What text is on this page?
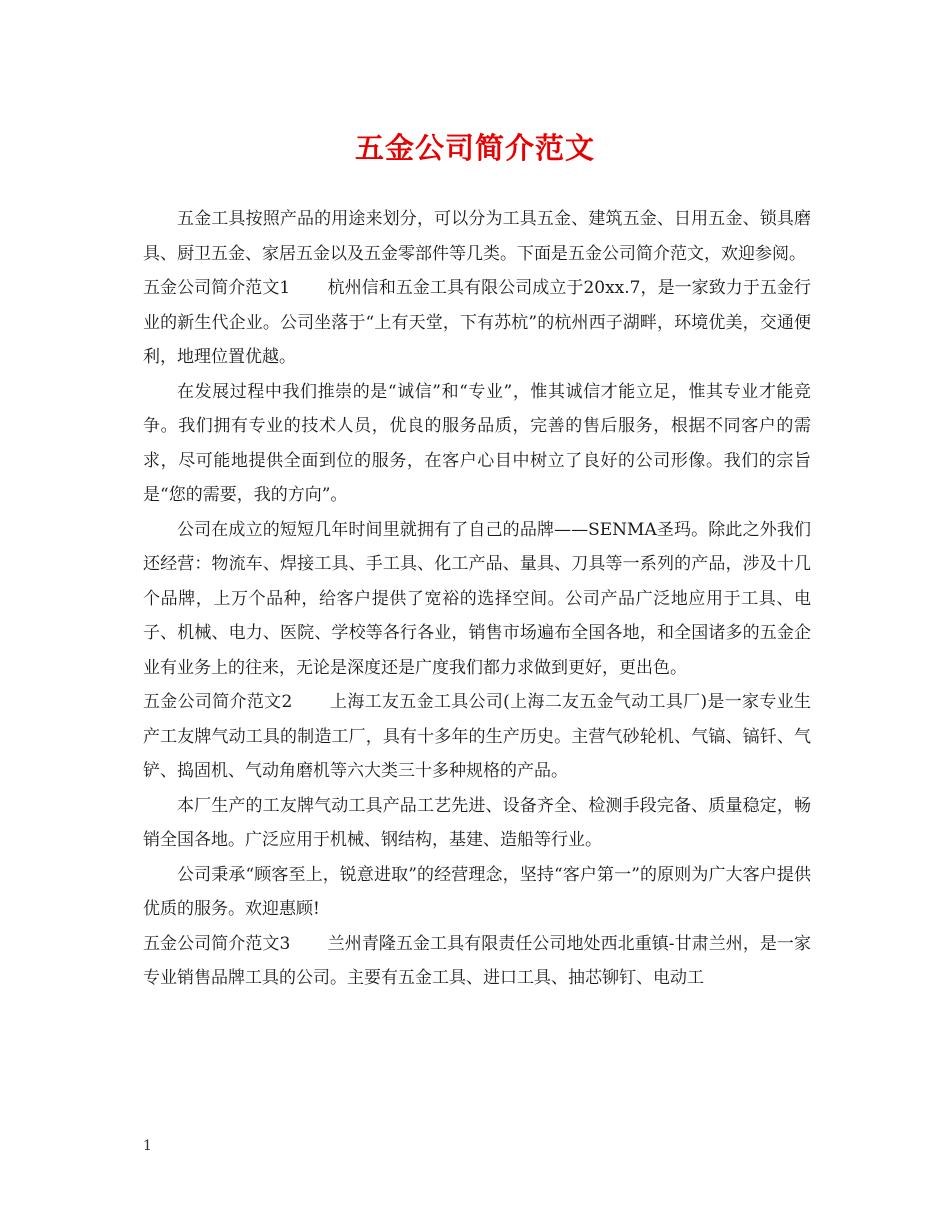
五金公司简介范文

五金工具按照产品的用途来划分，可以分为工具五金、建筑五金、日用五金、锁具磨具、厨卫五金、家居五金以及五金零部件等几类。下面是五金公司简介范文，欢迎参阅。

五金公司简介范文1 杭州信和五金工具有限公司成立于20xx.7，是一家致力于五金行业的新生代企业。公司坐落于“上有天堂，下有苏杭”的杭州西子湖畔，环境优美，交通便利，地理位置优越。

在发展过程中我们推崇的是“诚信”和“专业”，惟其诚信才能立足，惟其专业才能竞争。我们拥有专业的技术人员，优良的服务品质，完善的售后服务，根据不同客户的需求，尽可能地提供全面到位的服务，在客户心目中树立了良好的公司形像。我们的宗旨是“您的需要，我的方向”。

公司在成立的短短几年时间里就拥有了自己的品牌——SENMA圣玛。除此之外我们还经营：物流车、焊接工具、手工具、化工产品、量具、刀具等一系列的产品，涉及十几个品牌，上万个品种，给客户提供了宽裕的选择空间。公司产品广泛地应用于工具、电子、机械、电力、医院、学校等各行各业，销售市场遍布全国各地，和全国诸多的五金企业有业务上的往来，无论是深度还是广度我们都力求做到更好，更出色。

五金公司简介范文2 上海工友五金工具公司(上海二友五金气动工具厂)是一家专业生产工友牌气动工具的制造工厂，具有十多年的生产历史。主营气砂轮机、气镐、镐钎、气铲、捣固机、气动角磨机等六大类三十多种规格的产品。

本厂生产的工友牌气动工具产品工艺先进、设备齐全、检测手段完备、质量稳定，畅销全国各地。广泛应用于机械、钢结构，基建、造船等行业。

公司秉承“顾客至上，锐意进取”的经营理念，坚持“客户第一”的原则为广大客户提供优质的服务。欢迎惠顾!

五金公司简介范文3 兰州青隆五金工具有限责任公司地处西北重镇-甘肃兰州，是一家专业销售品牌工具的公司。主要有五金工具、进口工具、抽芯铆钉、电动工

1
